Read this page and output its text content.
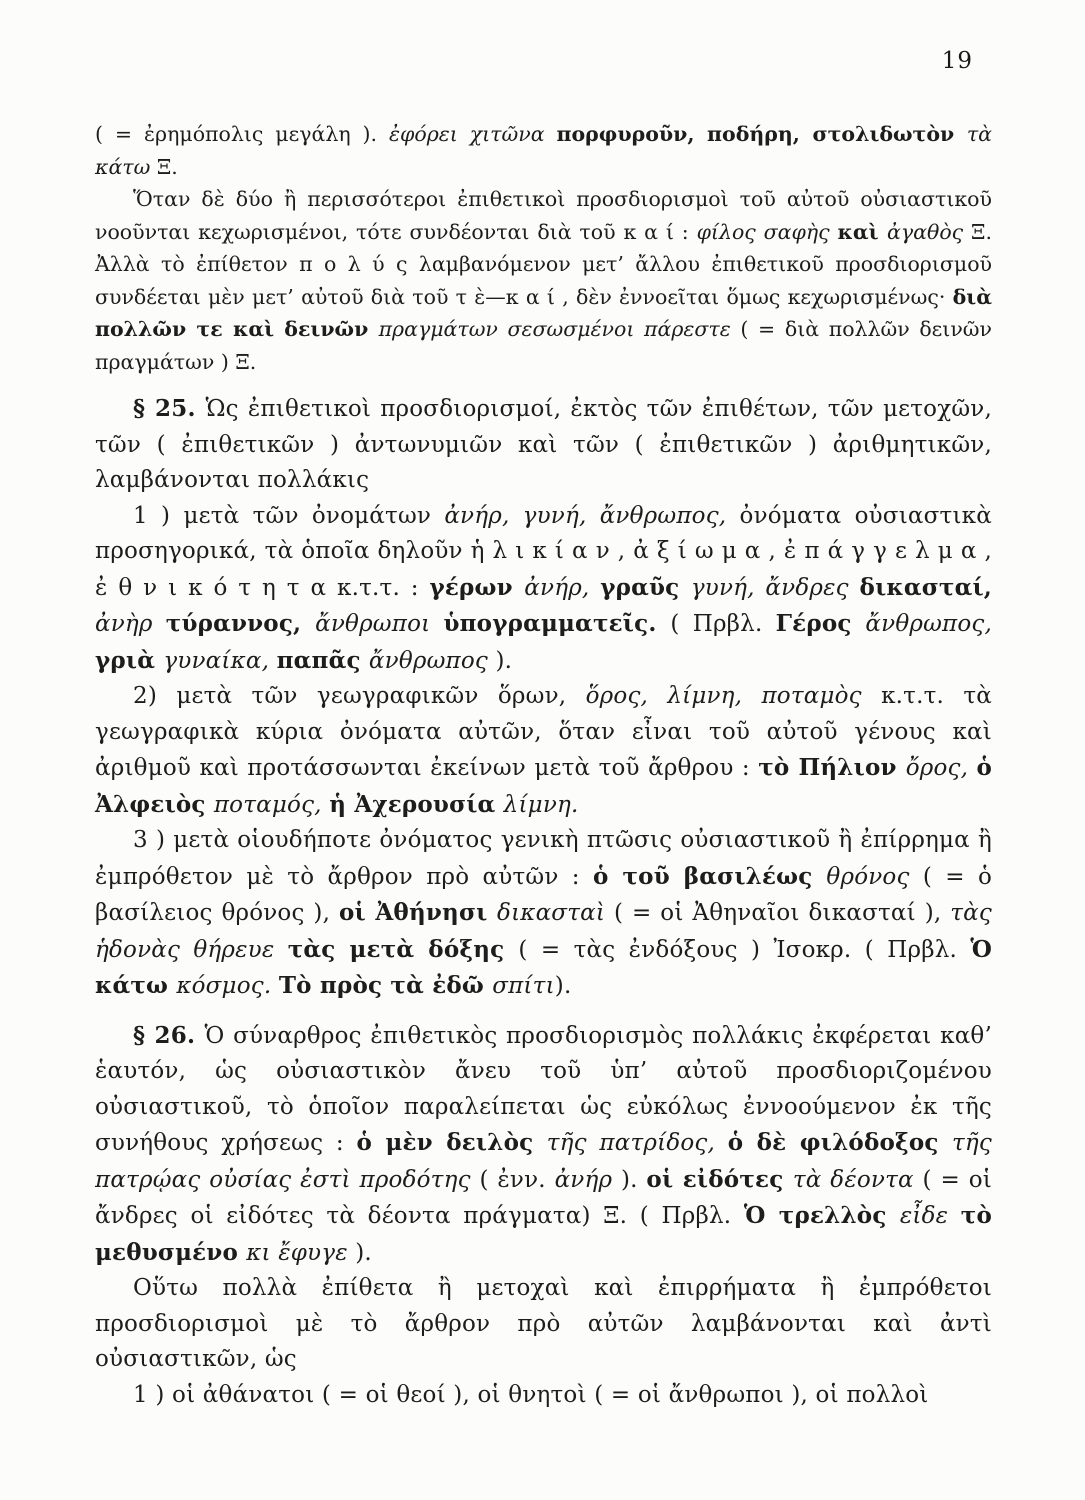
19

( = ἐρημόπολις μεγάλη ). ἐφόρει χιτῶνα πορφυροῦν, ποδήρη, στολιδωτὸν τὰ κάτω Ξ.

Ὅταν δὲ δύο ἢ περισσότεροι ἐπιθετικοὶ προσδιορισμοὶ τοῦ αὐτοῦ οὐσιαστικοῦ νοοῦνται κεχωρισμένοι, τότε συνδέονται διὰ τοῦ κ α ί : φίλος σαφὴς καὶ ἀγαθὸς Ξ. Ἀλλὰ τὸ ἐπίθετον π ο λ ύ ς λαμβανόμενον μετ’ ἄλλου ἐπιθετικοῦ προσδιορισμοῦ συνδέεται μὲν μετ’ αὐτοῦ διὰ τοῦ τ ὲ—κ α ί , δὲν ἐννοεῖται ὅμως κεχωρισμένως· διὰ πολλῶν τε καὶ δεινῶν πραγμάτων σεσωσμένοι πάρεστε ( = διὰ πολλῶν δεινῶν πραγμάτων ) Ξ.

§ 25. Ὡς ἐπιθετικοὶ προσδιορισμοί, ἐκτὸς τῶν ἐπιθέτων, τῶν μετοχῶν, τῶν ( ἐπιθετικῶν ) ἀντωνυμιῶν καὶ τῶν ( ἐπιθετικῶν ) ἀριθμητικῶν, λαμβάνονται πολλάκις

1 ) μετὰ τῶν ὀνομάτων ἀνήρ, γυνή, ἄνθρωπος, ὀνόματα οὐσιαστικὰ προσηγορικά, τὰ ὁποῖα δηλοῦν ἡ λ ι κ ί α ν , ἀ ξ ί ω μ α , ἐ π ά γ γ ε λ μ α , ἐ θ ν ι κ ό τ η τ α κ.τ.τ. : γέρων ἀνήρ, γραῦς γυνή, ἄνδρες δικασταί, ἀνὴρ τύραννος, ἄνθρωποι ὑπογραμματεῖς. ( Πρβλ. Γέρος ἄνθρωπος, γριὰ γυναίκα, παπᾶς ἄνθρωπος ).

2) μετὰ τῶν γεωγραφικῶν ὅρων, ὅρος, λίμνη, ποταμὸς κ.τ.τ. τὰ γεωγραφικὰ κύρια ὀνόματα αὐτῶν, ὅταν εἶναι τοῦ αὐτοῦ γένους καὶ ἀριθμοῦ καὶ προτάσσωνται ἐκείνων μετὰ τοῦ ἄρθρου : τὸ Πήλιον ὄρος, ὁ Ἀλφειὸς ποταμός, ἡ Ἀχερουσία λίμνη.

3 ) μετὰ οἱουδήποτε ὀνόματος γενικὴ πτῶσις οὐσιαστικοῦ ἢ ἐπίρρημα ἢ ἐμπρόθετον μὲ τὸ ἄρθρον πρὸ αὐτῶν : ὁ τοῦ βασιλέως θρόνος ( = ὁ βασίλειος θρόνος ), οἱ Ἀθήνησι δικασταὶ ( = οἱ Ἀθηναῖοι δικασταί ), τὰς ἡδονὰς θήρευε τὰς μετὰ δόξης ( = τὰς ἐνδόξους ) Ἰσοκρ. ( Πρβλ. Ὁ κάτω κόσμος. Τὸ πρὸς τὰ ἐδῶ σπίτι).

§ 26. Ὁ σύναρθρος ἐπιθετικὸς προσδιορισμὸς πολλάκις ἐκφέρεται καθ’ ἑαυτόν, ὡς οὐσιαστικὸν ἄνευ τοῦ ὑπ’ αὐτοῦ προσδιοριζομένου οὐσιαστικοῦ, τὸ ὁποῖον παραλείπεται ὡς εὐκόλως ἐννοούμενον ἐκ τῆς συνήθους χρήσεως : ὁ μὲν δειλὸς τῆς πατρίδος, ὁ δὲ φιλόδοξος τῆς πατρῴας οὐσίας ἐστὶ προδότης ( ἐνν. ἀνήρ ). οἱ εἰδότες τὰ δέοντα ( = οἱ ἄνδρες οἱ εἰδότες τὰ δέοντα πράγματα) Ξ. ( Πρβλ. Ὁ τρελλὸς εἶδε τὸ μεθυσμένο κι ἔφυγε ).

Οὕτω πολλὰ ἐπίθετα ἢ μετοχαὶ καὶ ἐπιρρήματα ἢ ἐμπρόθετοι προσδιορισμοὶ μὲ τὸ ἄρθρον πρὸ αὐτῶν λαμβάνονται καὶ ἀντὶ οὐσιαστικῶν, ὡς

1 ) οἱ ἀθάνατοι ( = οἱ θεοί ), οἱ θνητοὶ ( = οἱ ἄνθρωποι ), οἱ πολλοὶ
